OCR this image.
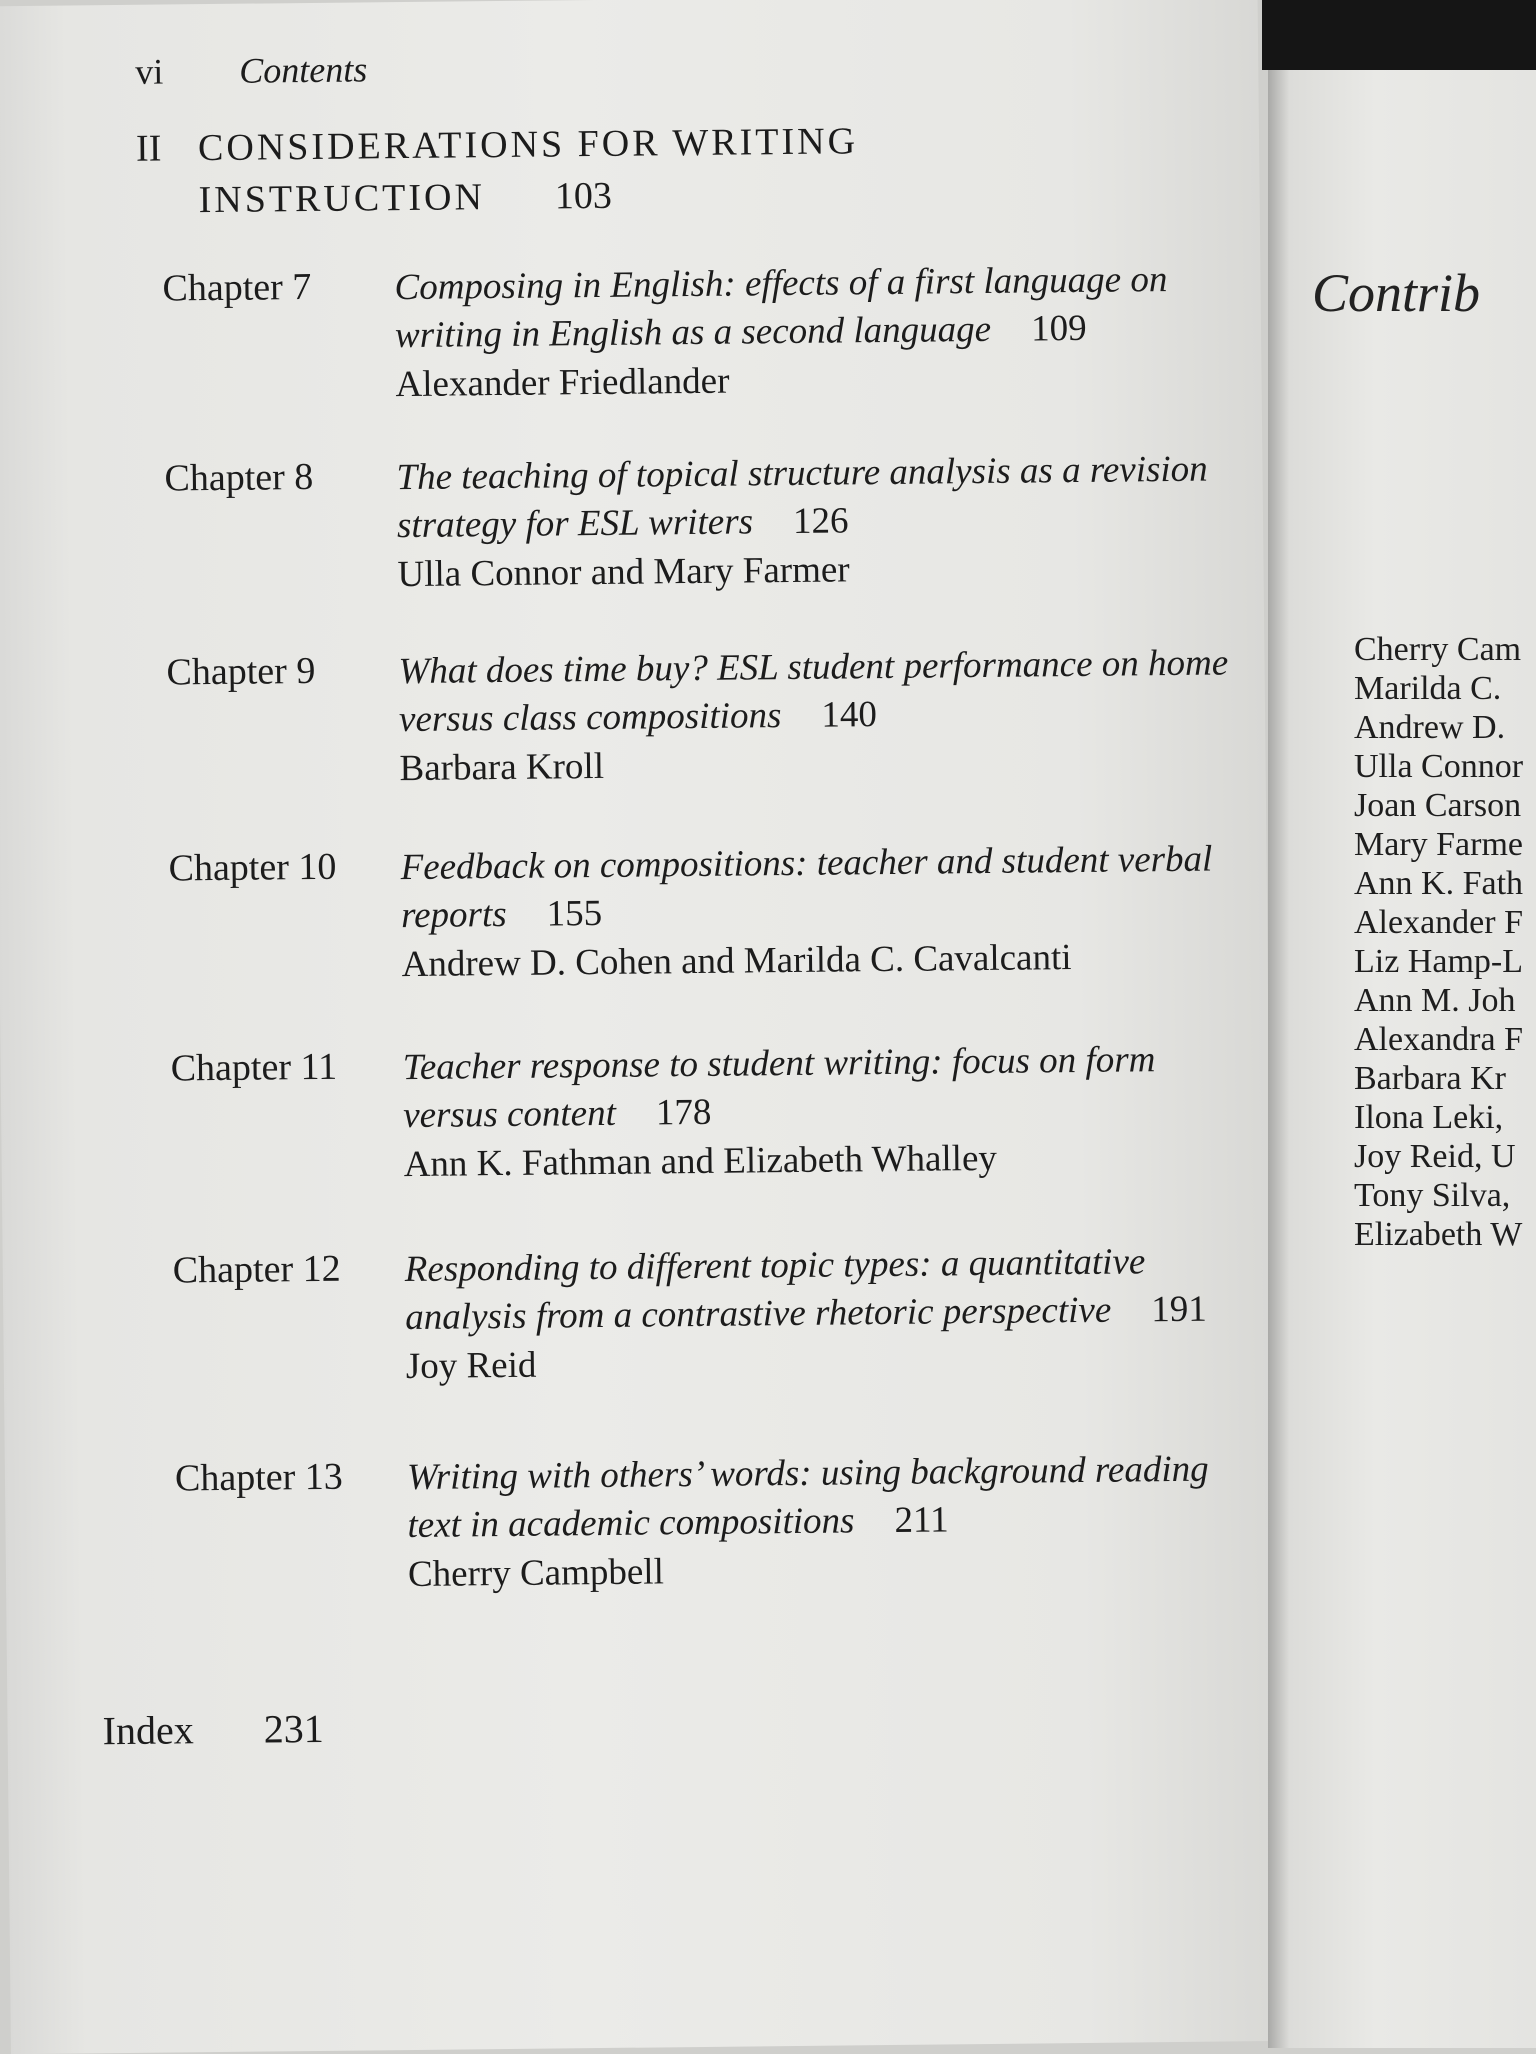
vi Contents
II CONSIDERATIONS FOR WRITING
INSTRUCTION 103
Chapter 7 Composing in English: effects of a first language on writing in English as a second language 109

Alexander Friedlander

Chapter 8 The teaching of topical structure analysis as a revision strategy for ESL writers 126

Ulla Connor and Mary Farmer

Chapter 9 What does time buy? ESL student performance on home versus class compositions 140

Barbara Kroll

Chapter 10 Feedback on compositions: teacher and student verbal reports 155

Andrew D. Cohen and Marilda C. Cavalcanti

Chapter 11 Teacher response to student writing: focus on form versus content 178

Ann K. Fathman and Elizabeth Whalley

Chapter 12 Responding to different topic types: a quantitative analysis from a contrastive rhetoric perspective 191

Joy Reid

Chapter 13 Writing with others’ words: using background reading text in academic compositions 211

Cherry Campbell

Index 231
Contrib
Cherry Cam
Marilda C.
Andrew D.
Ulla Connor
Joan Carson
Mary Farme
Ann K. Fath
Alexander F
Liz Hamp-L
Ann M. Joh
Alexandra F
Barbara Kr
Ilona Leki,
Joy Reid, U
Tony Silva,
Elizabeth W
